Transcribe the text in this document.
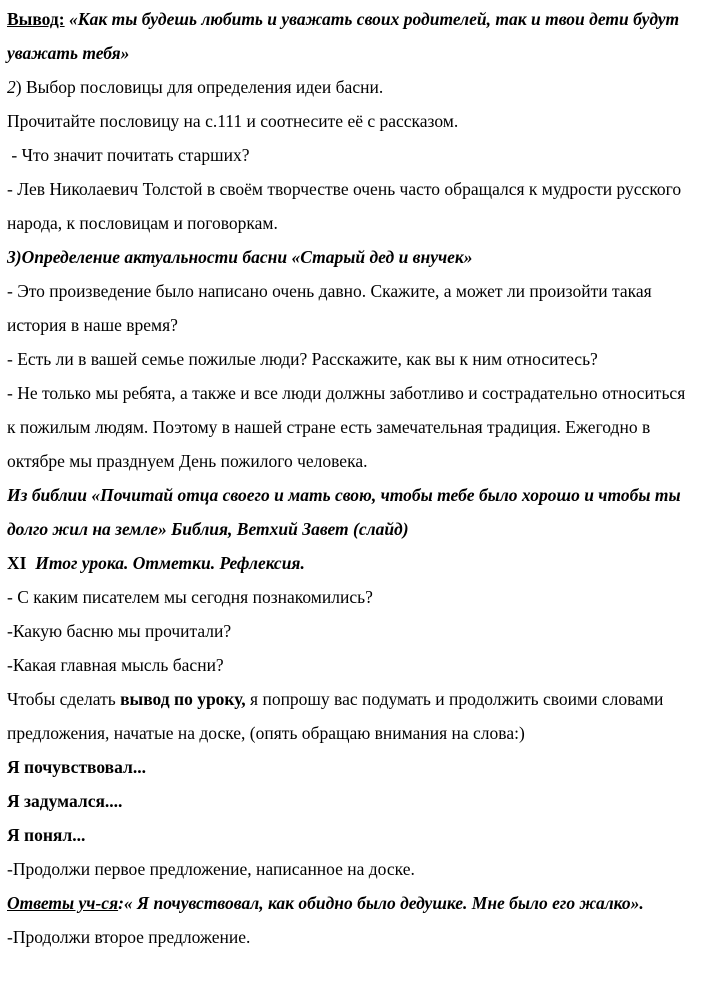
Вывод: «Как ты будешь любить и уважать своих родителей, так и твои дети будут уважать тебя»

2) Выбор пословицы для определения идеи басни.

Прочитайте пословицу на с.111 и соотнесите её с рассказом.

- Что значит почитать старших?

- Лев Николаевич Толстой в своём творчестве очень часто обращался к мудрости русского народа, к пословицам и поговоркам.

3)Определение актуальности басни «Старый дед и внучек»

- Это произведение было написано очень давно. Скажите, а может ли произойти такая история в наше время?

- Есть ли в вашей семье пожилые люди? Расскажите, как вы к ним относитесь?

- Не только мы ребята, а также и все люди должны заботливо и сострадательно относиться к пожилым людям. Поэтому в нашей стране есть замечательная традиция. Ежегодно в октябре мы празднуем День пожилого человека.

Из библии «Почитай отца своего и мать свою, чтобы тебе было хорошо и чтобы ты долго жил на земле» Библия, Ветхий Завет (слайд)

XI  Итог урока. Отметки. Рефлексия.

- С каким писателем мы сегодня познакомились?

-Какую басню мы прочитали?

-Какая главная мысль басни?

Чтобы сделать вывод по уроку, я попрошу вас подумать и продолжить своими словами предложения, начатые на доске, (опять обращаю внимания на слова:)

Я почувствовал...

Я задумался....

Я понял...

-Продолжи первое предложение, написанное на доске.

Ответы уч-ся:« Я почувствовал, как обидно было дедушке. Мне было его жалко».

-Продолжи второе предложение.
